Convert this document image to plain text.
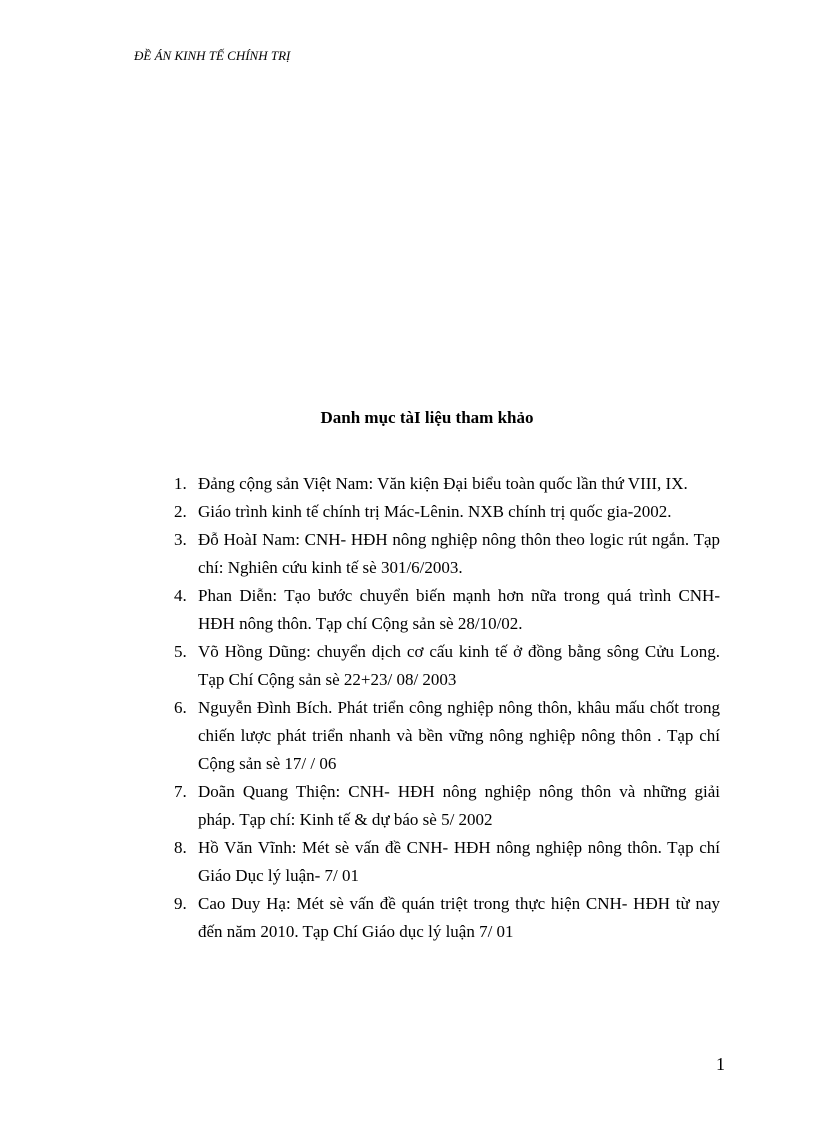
ĐỀ ÁN KINH TẾ CHÍNH TRỊ
Danh mục tàI liệu tham khảo
1. Đảng cộng sản Việt Nam: Văn kiện Đại biểu toàn quốc lần thứ VIII, IX.
2. Giáo trình kinh tế chính trị Mác-Lênin. NXB chính trị quốc gia-2002.
3. Đỗ HoàI Nam: CNH- HĐH nông nghiệp nông thôn theo logic rút ngắn. Tạp chí: Nghiên cứu kinh tế sè 301/6/2003.
4. Phan Diễn: Tạo bước chuyển biến mạnh hơn nữa trong quá trình CNH- HĐH nông thôn. Tạp chí Cộng sản sè 28/10/02.
5. Võ Hồng Dũng: chuyển dịch cơ cấu kinh tế ở đồng bằng sông Cửu Long. Tạp Chí Cộng sản sè 22+23/ 08/ 2003
6. Nguyễn Đình Bích. Phát triển công nghiệp nông thôn, khâu mấu chốt trong chiến lược phát triển nhanh và bền vững nông nghiệp nông thôn . Tạp chí Cộng sản sè 17/ / 06
7. Doãn Quang Thiện: CNH- HĐH nông nghiệp nông thôn và những giải pháp. Tạp chí: Kinh tế & dự báo sè 5/ 2002
8. Hồ Văn Vĩnh: Mét sè vấn đề CNH- HĐH nông nghiệp nông thôn. Tạp chí Giáo Dục lý luận- 7/ 01
9. Cao Duy Hạ: Mét sè vấn đề quán triệt trong thực hiện CNH- HĐH từ nay đến năm 2010. Tạp Chí Giáo dục lý luận 7/ 01
1
